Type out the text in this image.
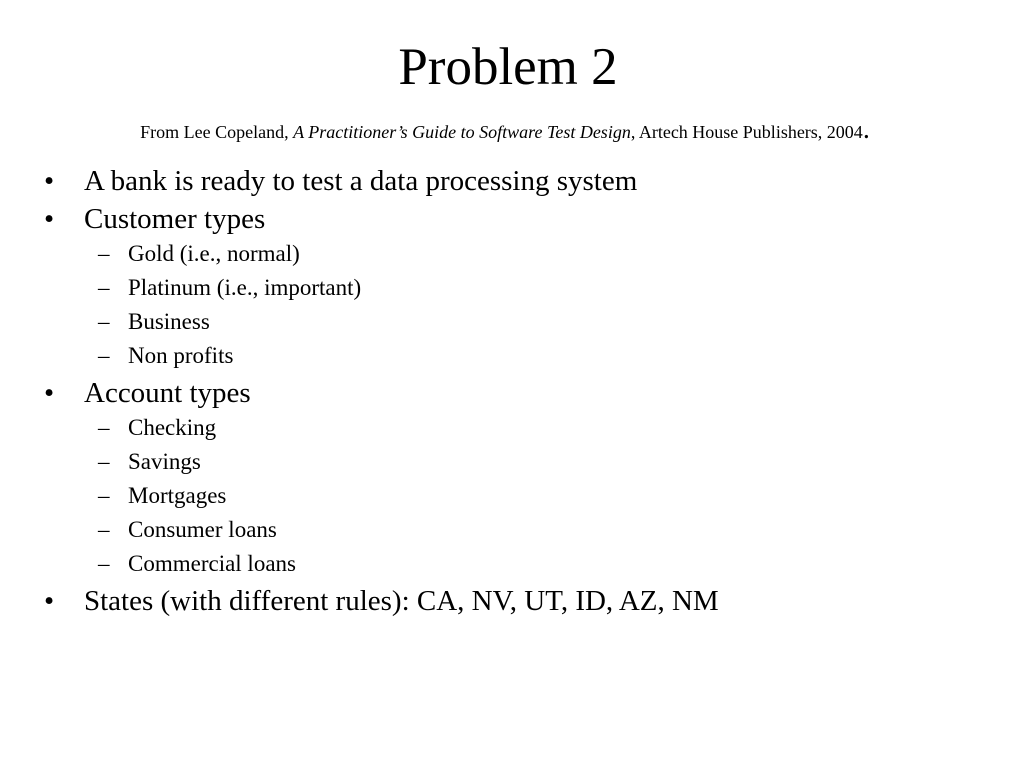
Problem 2
From Lee Copeland, A Practitioner’s Guide to Software Test Design, Artech House Publishers, 2004.
• A bank is ready to test a data processing system
• Customer types
– Gold (i.e., normal)
– Platinum (i.e., important)
– Business
– Non profits
• Account types
– Checking
– Savings
– Mortgages
– Consumer loans
– Commercial loans
• States (with different rules): CA, NV, UT, ID, AZ, NM
